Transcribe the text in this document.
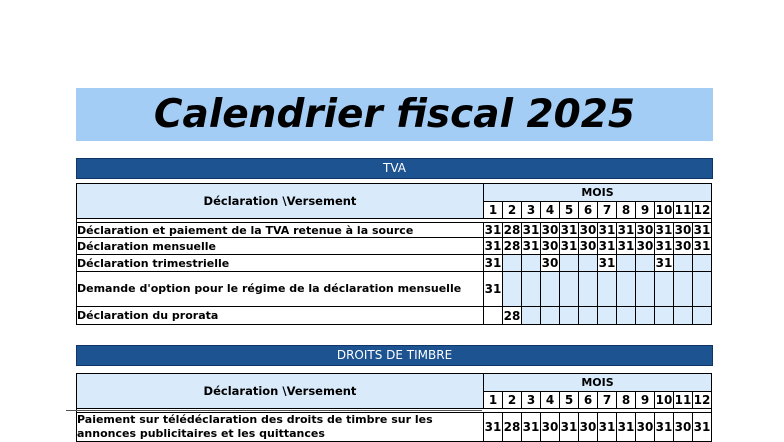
Calendrier fiscal 2025
TVA
Déclaration \Versement	MOIS											
	1	2	3	4	5	6	7	8	9	10	11	12

Déclaration et paiement de la TVA retenue à la source	31	28	31	30	31	30	31	31	30	31	30	31
Déclaration mensuelle	31	28	31	30	31	30	31	31	30	31	30	31
Déclaration trimestrielle	31			30			31			31		
Demande d'option pour le régime de la déclaration mensuelle	31											
Déclaration du prorata		28										
DROITS DE TIMBRE
Déclaration \Versement	MOIS											
	1	2	3	4	5	6	7	8	9	10	11	12

Paiement sur télédéclaration des droits de timbre sur les annonces publicitaires et les quittances	31	28	31	30	31	30	31	31	30	31	30	31
